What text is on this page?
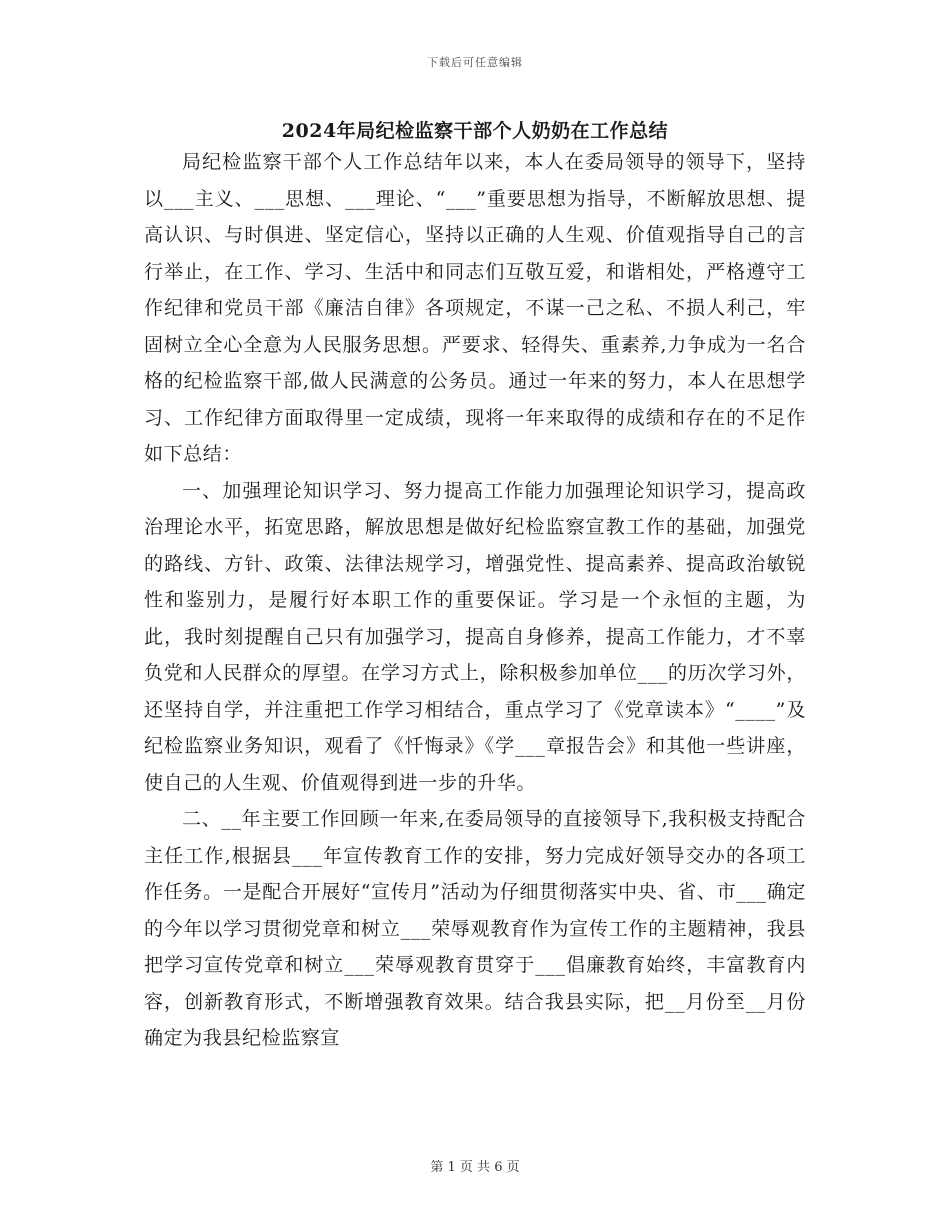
下载后可任意编辑
2024年局纪检监察干部个人奶奶在工作总结

局纪检监察干部个人工作总结年以来，本人在委局领导的领导下，坚持以___主义、___思想、___理论、“___”重要思想为指导，不断解放思想、提高认识、与时俱进、坚定信心，坚持以正确的人生观、价值观指导自己的言行举止，在工作、学习、生活中和同志们互敬互爱，和谐相处，严格遵守工作纪律和党员干部《廉洁自律》各项规定，不谋一己之私、不损人利己，牢固树立全心全意为人民服务思想。严要求、轻得失、重素养,力争成为一名合格的纪检监察干部,做人民满意的公务员。通过一年来的努力，本人在思想学习、工作纪律方面取得里一定成绩，现将一年来取得的成绩和存在的不足作如下总结：

一、加强理论知识学习、努力提高工作能力加强理论知识学习，提高政治理论水平，拓宽思路，解放思想是做好纪检监察宣教工作的基础，加强党的路线、方针、政策、法律法规学习，增强党性、提高素养、提高政治敏锐性和鉴别力，是履行好本职工作的重要保证。学习是一个永恒的主题，为此，我时刻提醒自己只有加强学习，提高自身修养，提高工作能力，才不辜负党和人民群众的厚望。在学习方式上，除积极参加单位___的历次学习外，还坚持自学，并注重把工作学习相结合，重点学习了《党章读本》“____”及纪检监察业务知识，观看了《忏悔录》《学___章报告会》和其他一些讲座，使自己的人生观、价值观得到进一步的升华。

二、__年主要工作回顾一年来,在委局领导的直接领导下,我积极支持配合主任工作,根据县___年宣传教育工作的安排，努力完成好领导交办的各项工作任务。一是配合开展好“宣传月”活动为仔细贯彻落实中央、省、市___确定的今年以学习贯彻党章和树立___荣辱观教育作为宣传工作的主题精神，我县把学习宣传党章和树立___荣辱观教育贯穿于___倡廉教育始终，丰富教育内容，创新教育形式，不断增强教育效果。结合我县实际，把__月份至__月份确定为我县纪检监察宣

第 1 页 共 6 页
